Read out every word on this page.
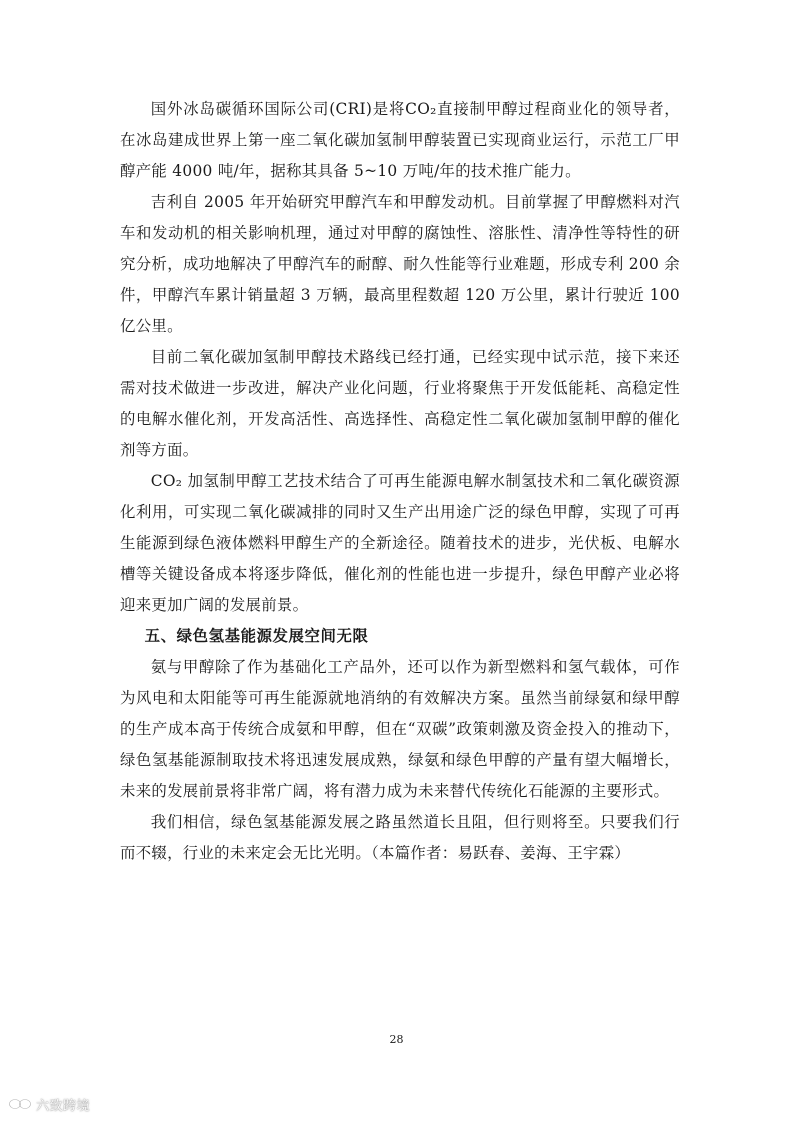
国外冰岛碳循环国际公司(CRI)是将CO₂直接制甲醇过程商业化的领导者，在冰岛建成世界上第一座二氧化碳加氢制甲醇装置已实现商业运行，示范工厂甲醇产能 4000 吨/年，据称其具备 5~10 万吨/年的技术推广能力。

吉利自 2005 年开始研究甲醇汽车和甲醇发动机。目前掌握了甲醇燃料对汽车和发动机的相关影响机理，通过对甲醇的腐蚀性、溶胀性、清净性等特性的研究分析，成功地解决了甲醇汽车的耐醇、耐久性能等行业难题，形成专利 200 余件，甲醇汽车累计销量超 3 万辆，最高里程数超 120 万公里，累计行驶近 100 亿公里。

目前二氧化碳加氢制甲醇技术路线已经打通，已经实现中试示范，接下来还需对技术做进一步改进，解决产业化问题，行业将聚焦于开发低能耗、高稳定性的电解水催化剂，开发高活性、高选择性、高稳定性二氧化碳加氢制甲醇的催化剂等方面。

CO₂ 加氢制甲醇工艺技术结合了可再生能源电解水制氢技术和二氧化碳资源化利用，可实现二氧化碳减排的同时又生产出用途广泛的绿色甲醇，实现了可再生能源到绿色液体燃料甲醇生产的全新途径。随着技术的进步，光伏板、电解水槽等关键设备成本将逐步降低，催化剂的性能也进一步提升，绿色甲醇产业必将迎来更加广阔的发展前景。

五、绿色氢基能源发展空间无限

氨与甲醇除了作为基础化工产品外，还可以作为新型燃料和氢气载体，可作为风电和太阳能等可再生能源就地消纳的有效解决方案。虽然当前绿氨和绿甲醇的生产成本高于传统合成氨和甲醇，但在“双碳”政策刺激及资金投入的推动下，绿色氢基能源制取技术将迅速发展成熟，绿氨和绿色甲醇的产量有望大幅增长，未来的发展前景将非常广阔，将有潜力成为未来替代传统化石能源的主要形式。

我们相信，绿色氢基能源发展之路虽然道长且阻，但行则将至。只要我们行而不辍，行业的未来定会无比光明。（本篇作者：易跃春、姜海、王宇霖）

28
六致跨境
